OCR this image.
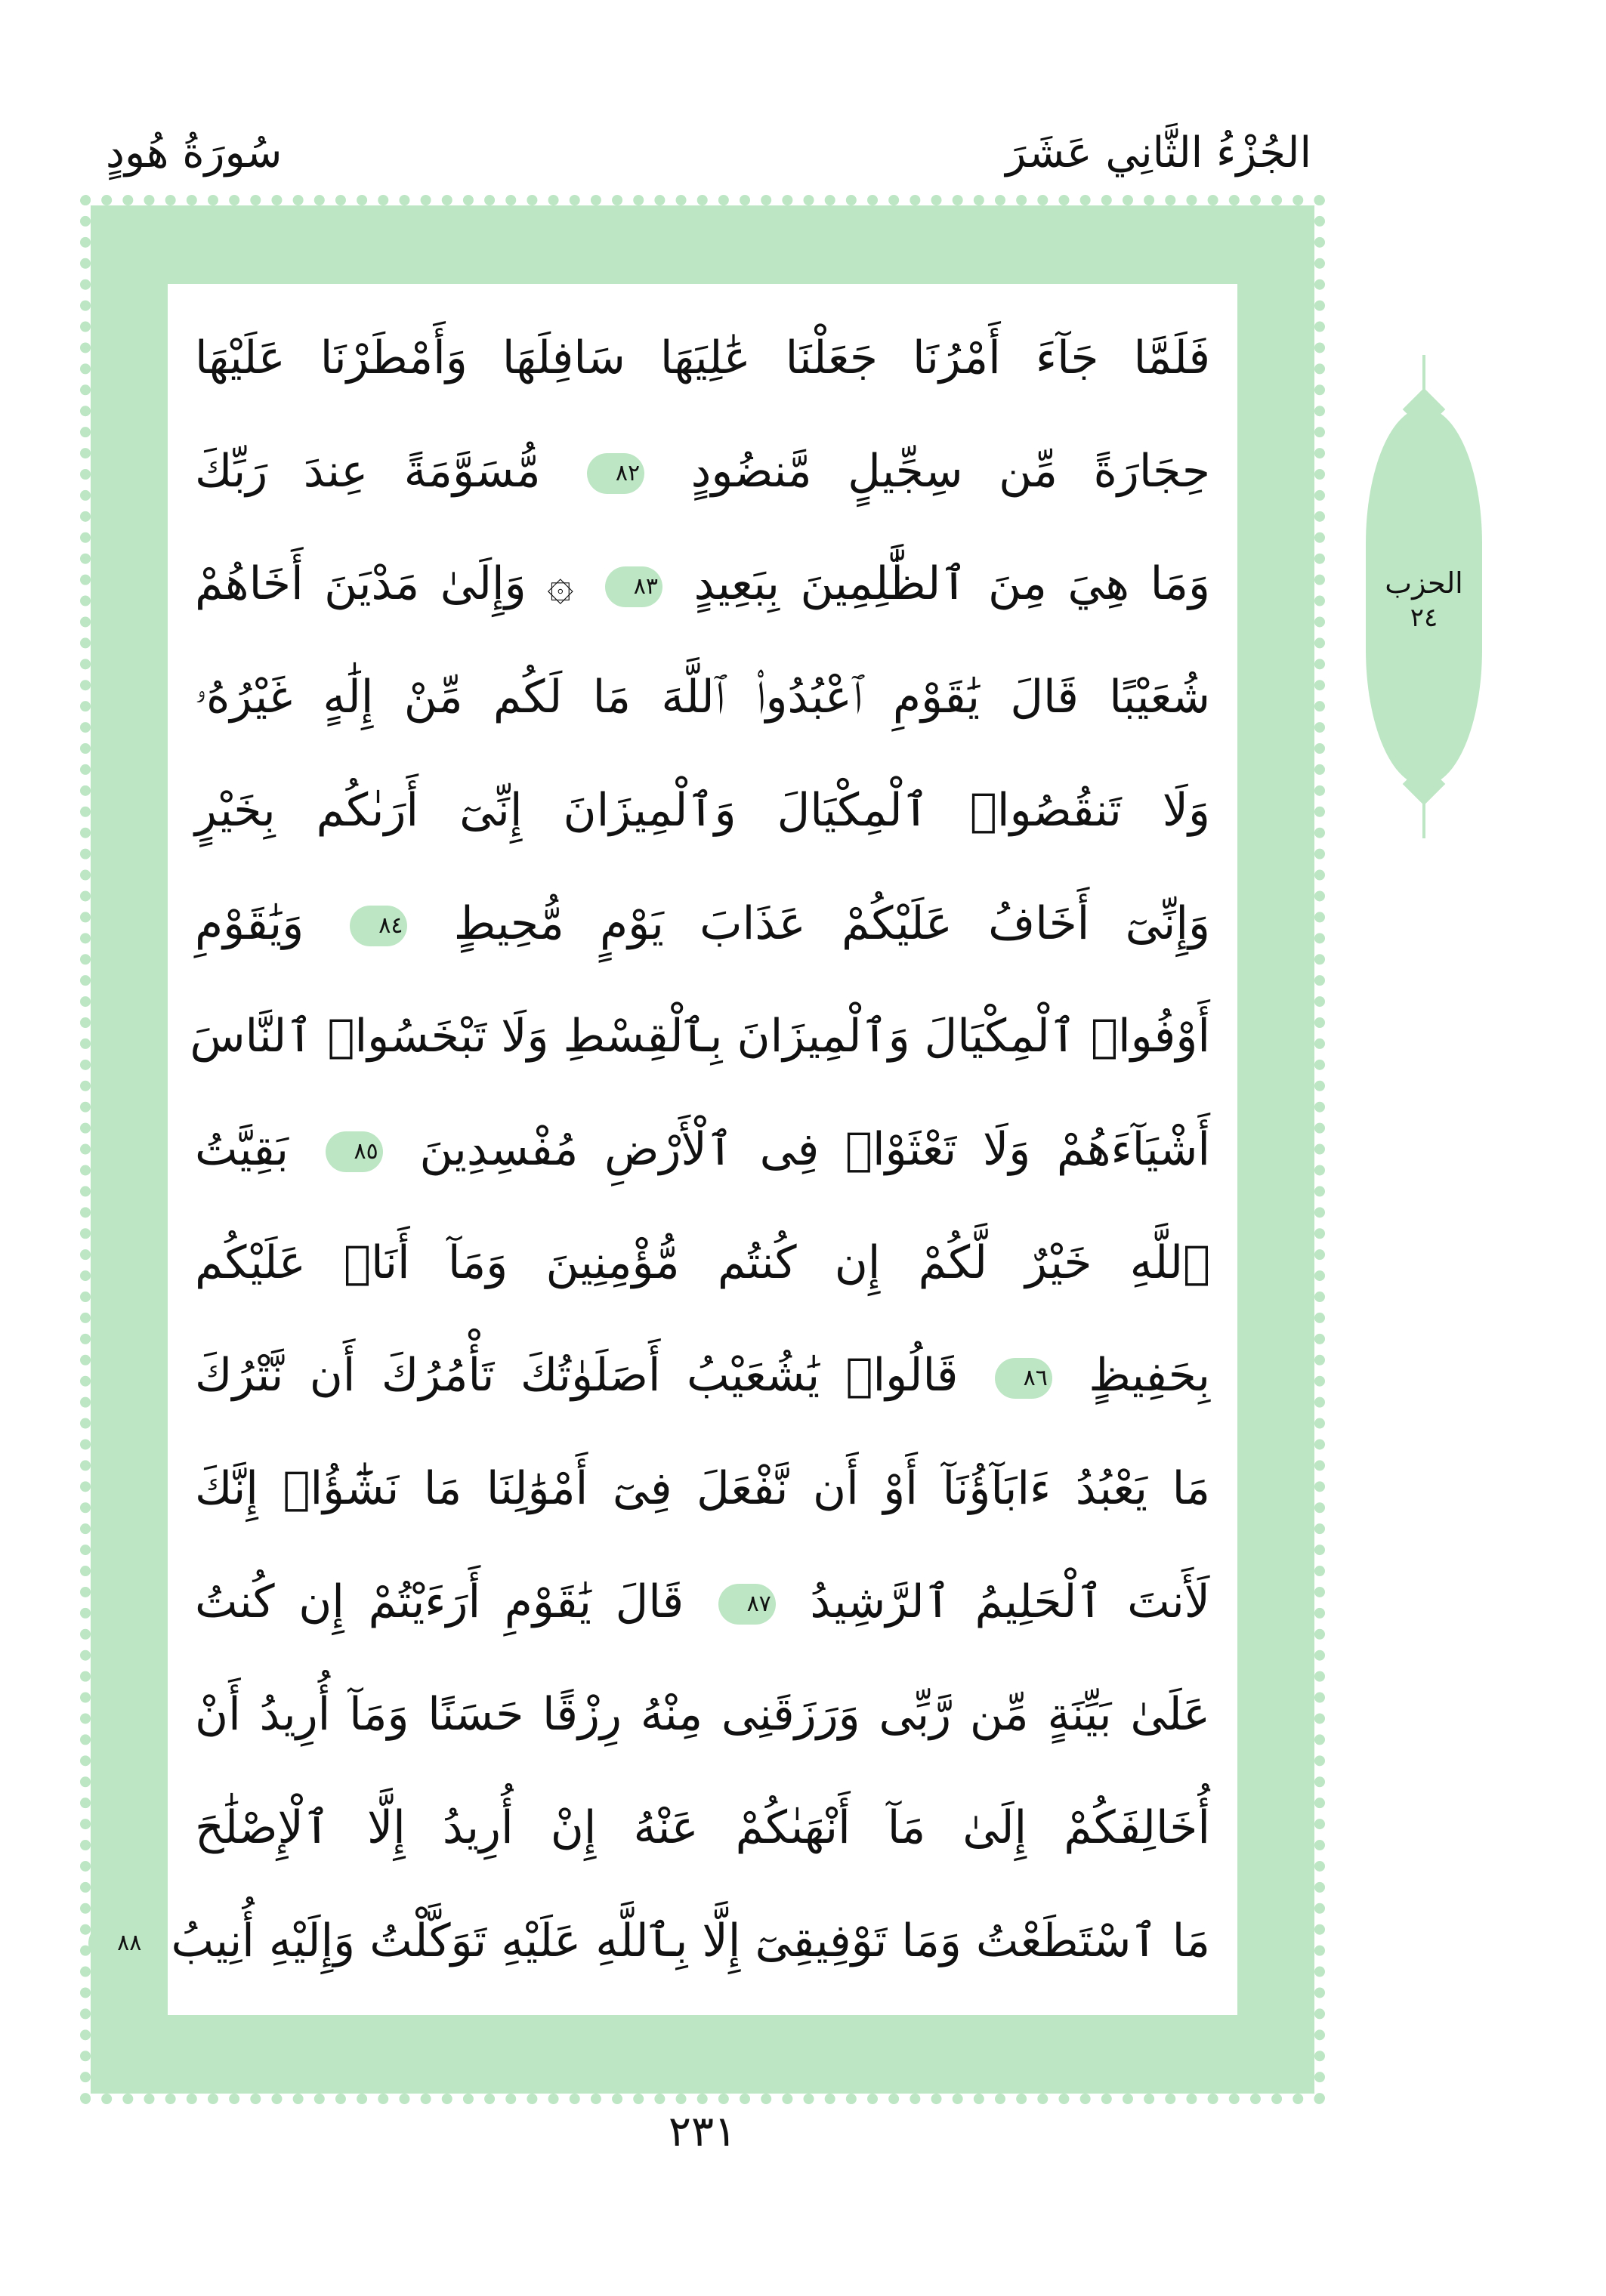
الجُزْءُ الثَّانِي عَشَرَ
سُورَةُ هُودٍ
فَلَمَّا جَآءَ أَمْرُنَا جَعَلْنَا عَٰلِيَهَا سَافِلَهَا وَأَمْطَرْنَا عَلَيْهَا
حِجَارَةً مِّن سِجِّيلٍ مَّنضُودٍ ٨٢ مُّسَوَّمَةً عِندَ رَبِّكَ
وَمَا هِيَ مِنَ ٱلظَّٰلِمِينَ بِبَعِيدٍ ٨٣ ۞ وَإِلَىٰ مَدْيَنَ أَخَاهُمْ
شُعَيْبًا قَالَ يَٰقَوْمِ ٱعْبُدُوا۟ ٱللَّهَ مَا لَكُم مِّنْ إِلَٰهٍ غَيْرُهُۥ
وَلَا تَنقُصُوا۟ ٱلْمِكْيَالَ وَٱلْمِيزَانَ إِنِّىٓ أَرَىٰكُم بِخَيْرٍ
وَإِنِّىٓ أَخَافُ عَلَيْكُمْ عَذَابَ يَوْمٍ مُّحِيطٍ ٨٤ وَيَٰقَوْمِ
أَوْفُوا۟ ٱلْمِكْيَالَ وَٱلْمِيزَانَ بِٱلْقِسْطِ وَلَا تَبْخَسُوا۟ ٱلنَّاسَ
أَشْيَآءَهُمْ وَلَا تَعْثَوْا۟ فِى ٱلْأَرْضِ مُفْسِدِينَ ٨٥ بَقِيَّتُ
ٱللَّهِ خَيْرٌ لَّكُمْ إِن كُنتُم مُّؤْمِنِينَ وَمَآ أَنَا۠ عَلَيْكُم
بِحَفِيظٍ ٨٦ قَالُوا۟ يَٰشُعَيْبُ أَصَلَوٰتُكَ تَأْمُرُكَ أَن نَّتْرُكَ
مَا يَعْبُدُ ءَابَآؤُنَآ أَوْ أَن نَّفْعَلَ فِىٓ أَمْوَٰلِنَا مَا نَشَٰٓؤُا۟ إِنَّكَ
لَأَنتَ ٱلْحَلِيمُ ٱلرَّشِيدُ ٨٧ قَالَ يَٰقَوْمِ أَرَءَيْتُمْ إِن كُنتُ
عَلَىٰ بَيِّنَةٍ مِّن رَّبِّى وَرَزَقَنِى مِنْهُ رِزْقًا حَسَنًا وَمَآ أُرِيدُ أَنْ
أُخَالِفَكُمْ إِلَىٰ مَآ أَنْهَىٰكُمْ عَنْهُ إِنْ أُرِيدُ إِلَّا ٱلْإِصْلَٰحَ
مَا ٱسْتَطَعْتُ وَمَا تَوْفِيقِىٓ إِلَّا بِٱللَّهِ عَلَيْهِ تَوَكَّلْتُ وَإِلَيْهِ أُنِيبُ ٨٨
الحزب
٢٤
٢٣١
